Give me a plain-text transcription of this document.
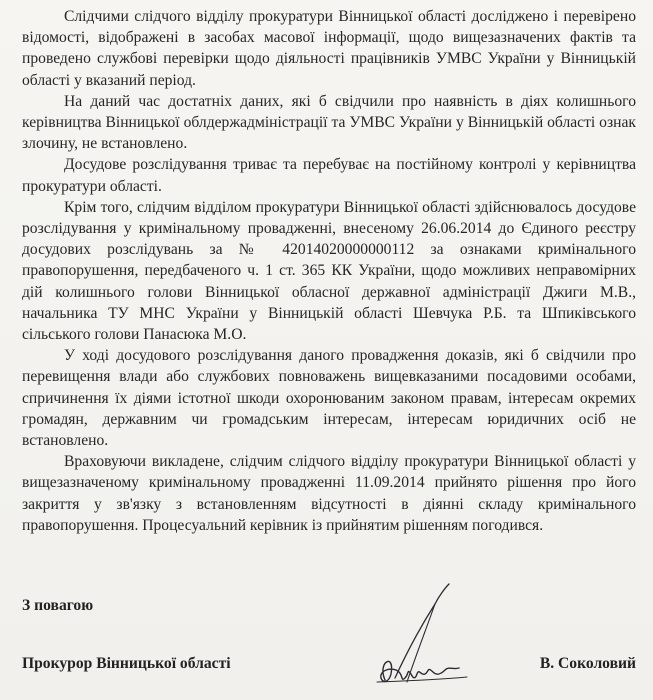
Слідчими слідчого відділу прокуратури Вінницької області досліджено і перевірено відомості, відображені в засобах масової інформації, щодо вищезазначених фактів та проведено службові перевірки щодо діяльності працівників УМВС України у Вінницькій області у вказаний період.

На даний час достатніх даних, які б свідчили про наявність в діях колишнього керівництва Вінницької облдержадміністрації та УМВС України у Вінницькій області ознак злочину, не встановлено.

Досудове розслідування триває та перебуває на постійному контролі у керівництва прокуратури області.

Крім того, слідчим відділом прокуратури Вінницької області здійснювалось досудове розслідування у кримінальному провадженні, внесеному 26.06.2014 до Єдиного реєстру досудових розслідувань за № 42014020000000112 за ознаками кримінального правопорушення, передбаченого ч. 1 ст. 365 КК України, щодо можливих неправомірних дій колишнього голови Вінницької обласної державної адміністрації Джиги М.В., начальника ТУ МНС України у Вінницькій області Шевчука Р.Б. та Шпиківського сільського голови Панасюка М.О.

У ході досудового розслідування даного провадження доказів, які б свідчили про перевищення влади або службових повноважень вищевказаними посадовими особами, спричинення їх діями істотної шкоди охоронюваним законом правам, інтересам окремих громадян, державним чи громадським інтересам, інтересам юридичних осіб не встановлено.

Враховуючи викладене, слідчим слідчого відділу прокуратури Вінницької області у вищезазначеному кримінальному провадженні 11.09.2014 прийнято рішення про його закриття у зв'язку з встановленням відсутності в діянні складу кримінального правопорушення. Процесуальний керівник із прийнятим рішенням погодився.

З повагою
Прокурор Вінницької області	В. Соколовий
